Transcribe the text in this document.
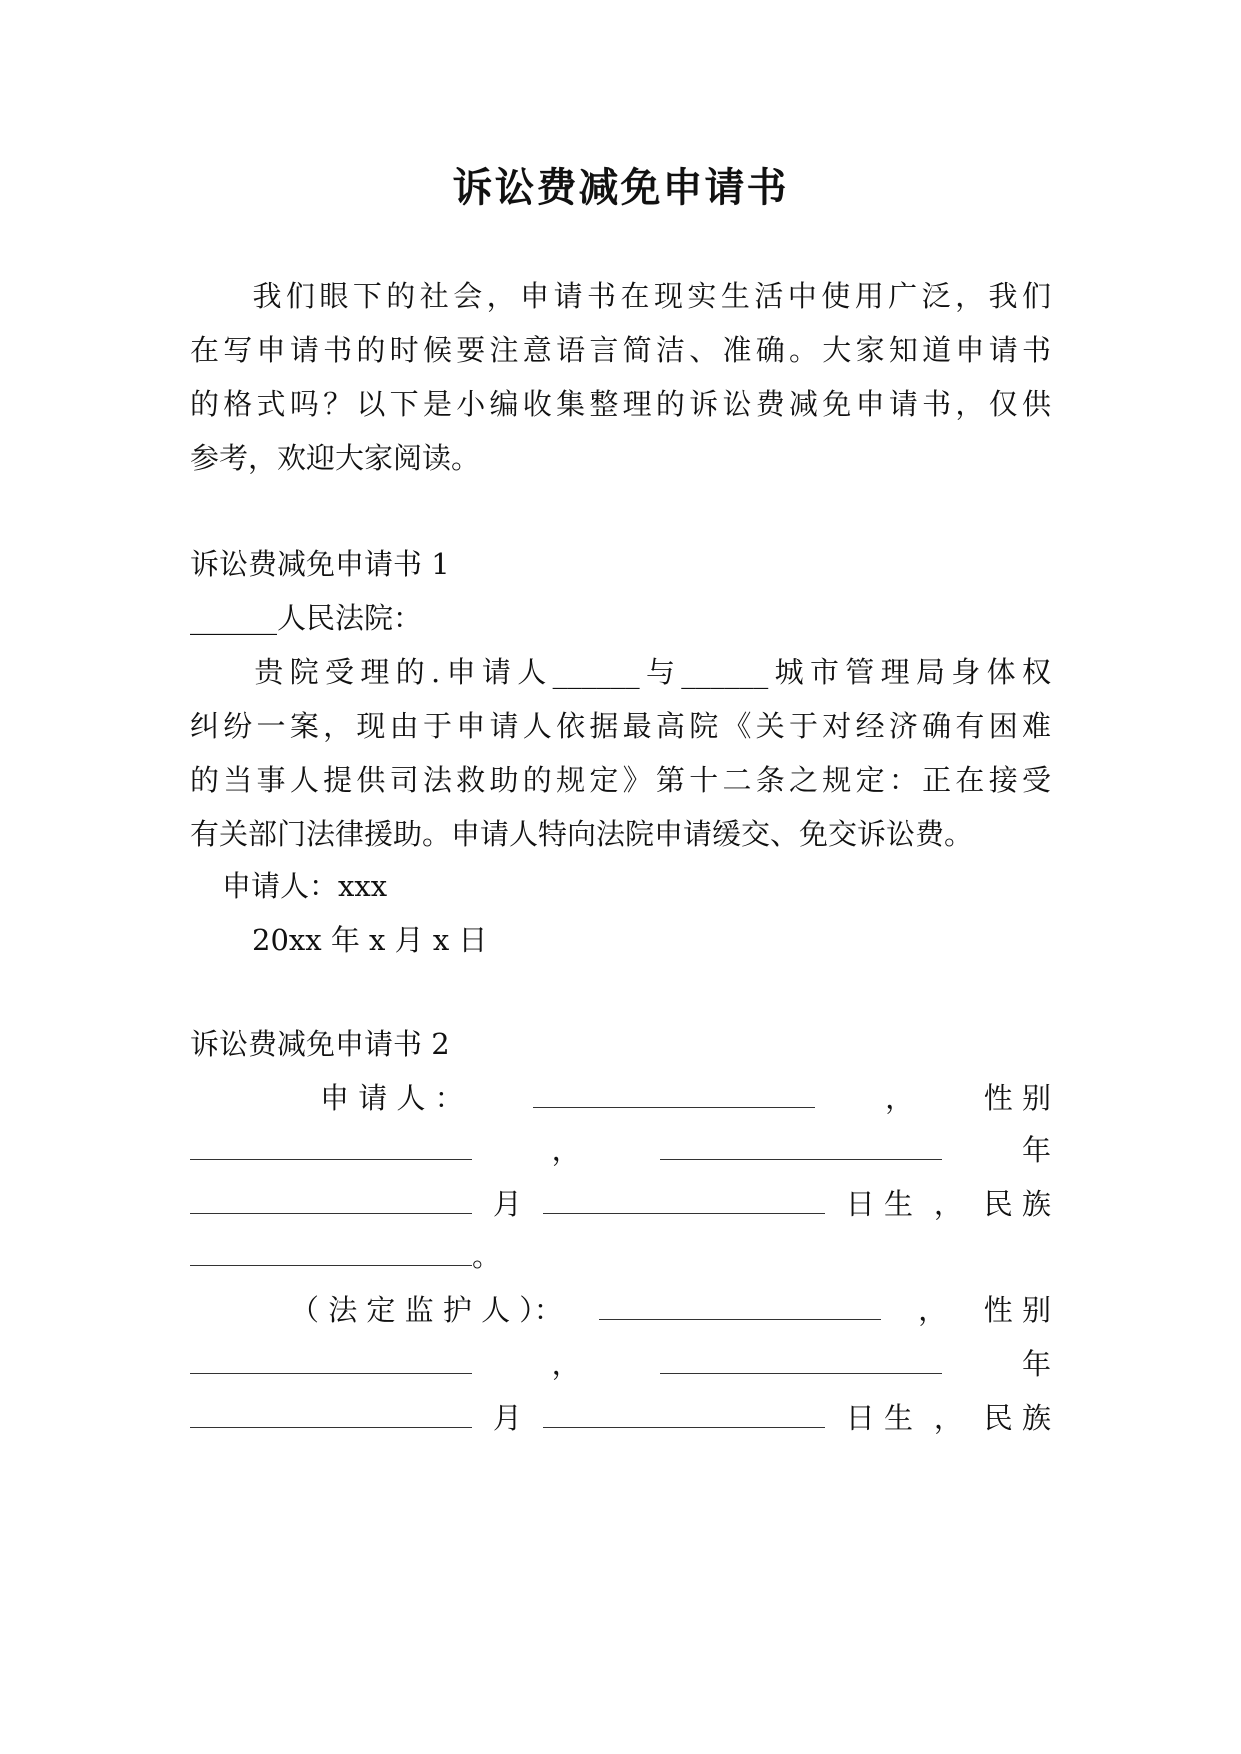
诉讼费减免申请书
我们眼下的社会，申请书在现实生活中使用广泛，我们
在写申请书的时候要注意语言简洁、准确。大家知道申请书
的格式吗？以下是小编收集整理的诉讼费减免申请书，仅供
参考，欢迎大家阅读。
诉讼费减免申请书 1
______人民法院：
贵院受理的.申请人______与______城市管理局身体权
纠纷一案，现由于申请人依据最高院《关于对经济确有困难
的当事人提供司法救助的规定》第十二条之规定：正在接受
有关部门法律援助。申请人特向法院申请缓交、免交诉讼费。
申请人：xxx
20xx 年 x 月 x 日
诉讼费减免申请书 2
申 请 人 ：	， 性 别
，	年
月	日 生 ， 民 族
。
（ 法 定 监 护 人 ）：	， 性 别
，	年
月	日 生 ， 民 族
